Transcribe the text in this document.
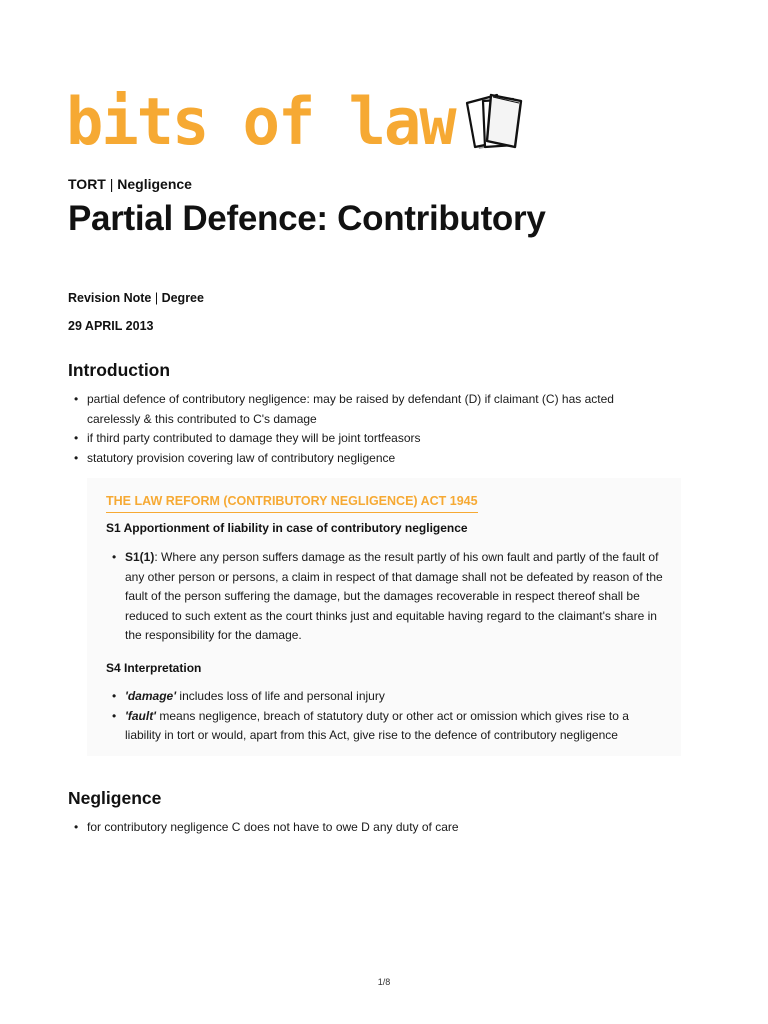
bits of law
TORT | Negligence
Partial Defence: Contributory
Revision Note | Degree
29 APRIL 2013
Introduction
• partial defence of contributory negligence: may be raised by defendant (D) if claimant (C) has acted carelessly & this contributed to C's damage
• if third party contributed to damage they will be joint tortfeasors
• statutory provision covering law of contributory negligence
THE LAW REFORM (CONTRIBUTORY NEGLIGENCE) ACT 1945
S1 Apportionment of liability in case of contributory negligence
• S1(1): Where any person suffers damage as the result partly of his own fault and partly of the fault of any other person or persons, a claim in respect of that damage shall not be defeated by reason of the fault of the person suffering the damage, but the damages recoverable in respect thereof shall be reduced to such extent as the court thinks just and equitable having regard to the claimant's share in the responsibility for the damage.
S4 Interpretation
• 'damage' includes loss of life and personal injury
• 'fault' means negligence, breach of statutory duty or other act or omission which gives rise to a liability in tort or would, apart from this Act, give rise to the defence of contributory negligence
Negligence
• for contributory negligence C does not have to owe D any duty of care
1/8
